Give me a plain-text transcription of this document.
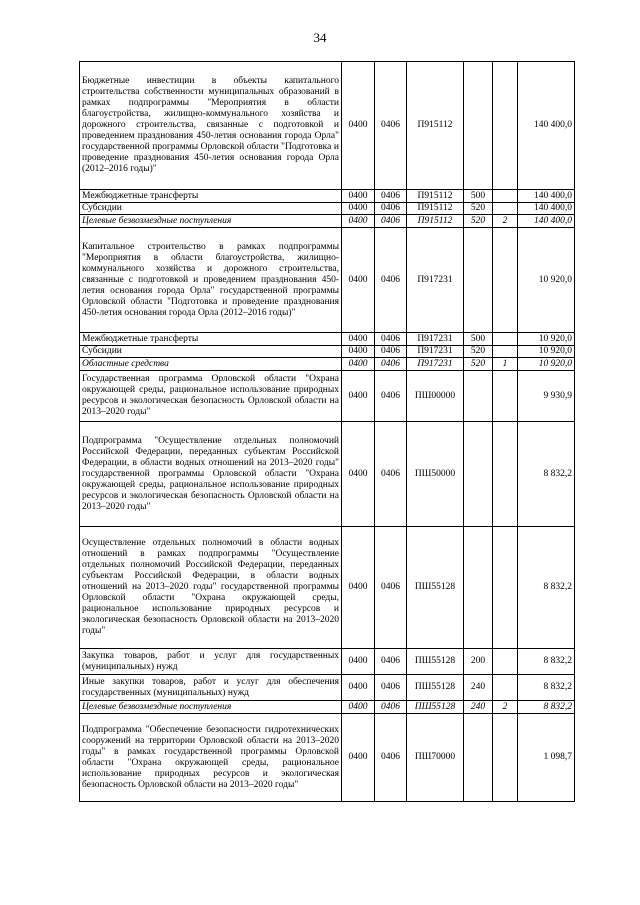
34
Бюджетные инвестиции в объекты капитального строительства собственности муниципальных образований в рамках подпрограммы "Мероприятия в области благоустройства, жилищно-коммунального хозяйства и дорожного строительства, связанные с подготовкой и проведением празднования 450-летия основания города Орла" государственной программы Орловской области "Подготовка и проведение празднования 450-летия основания города Орла (2012–2016 годы)"	0400	0406	П915112			140 400,0
Межбюджетные трансферты	0400	0406	П915112	500		140 400,0
Субсидии	0400	0406	П915112	520		140 400,0
Целевые безвозмездные поступления	0400	0406	П915112	520	2	140 400,0
Капитальное строительство в рамках подпрограммы "Мероприятия в области благоустройства, жилищно-коммунального хозяйства и дорожного строительства, связанные с подготовкой и проведением празднования 450-летия основания города Орла" государственной программы Орловской области "Подготовка и проведение празднования 450-летия основания города Орла (2012–2016 годы)"	0400	0406	П917231			10 920,0
Межбюджетные трансферты	0400	0406	П917231	500		10 920,0
Субсидии	0400	0406	П917231	520		10 920,0
Областные средства	0400	0406	П917231	520	1	10 920,0
Государственная программа Орловской области "Охрана окружающей среды, рациональное использование природных ресурсов и экологическая безопасность Орловской области на 2013–2020 годы"	0400	0406	ПШ00000			9 930,9
Подпрограмма "Осуществление отдельных полномочий Российской Федерации, переданных субъектам Российской Федерации, в области водных отношений на 2013–2020 годы" государственной программы Орловской области "Охрана окружающей среды, рациональное использование природных ресурсов и экологическая безопасность Орловской области на 2013–2020 годы"	0400	0406	ПШ50000			8 832,2
Осуществление отдельных полномочий в области водных отношений в рамках подпрограммы "Осуществление отдельных полномочий Российской Федерации, переданных субъектам Российской Федерации, в области водных отношений на 2013–2020 годы" государственной программы Орловской области "Охрана окружающей среды, рациональное использование природных ресурсов и экологическая безопасность Орловской области на 2013–2020 годы"	0400	0406	ПШ55128			8 832,2
Закупка товаров, работ и услуг для государственных (муниципальных) нужд	0400	0406	ПШ55128	200		8 832,2
Иные закупки товаров, работ и услуг для обеспечения государственных (муниципальных) нужд	0400	0406	ПШ55128	240		8 832,2
Целевые безвозмездные поступления	0400	0406	ПШ55128	240	2	8 832,2
Подпрограмма "Обеспечение безопасности гидротехнических сооружений на территории Орловской области на 2013–2020 годы" в рамках государственной программы Орловской области "Охрана окружающей среды, рациональное использование природных ресурсов и экологическая безопасность Орловской области на 2013–2020 годы"	0400	0406	ПШ70000			1 098,7
